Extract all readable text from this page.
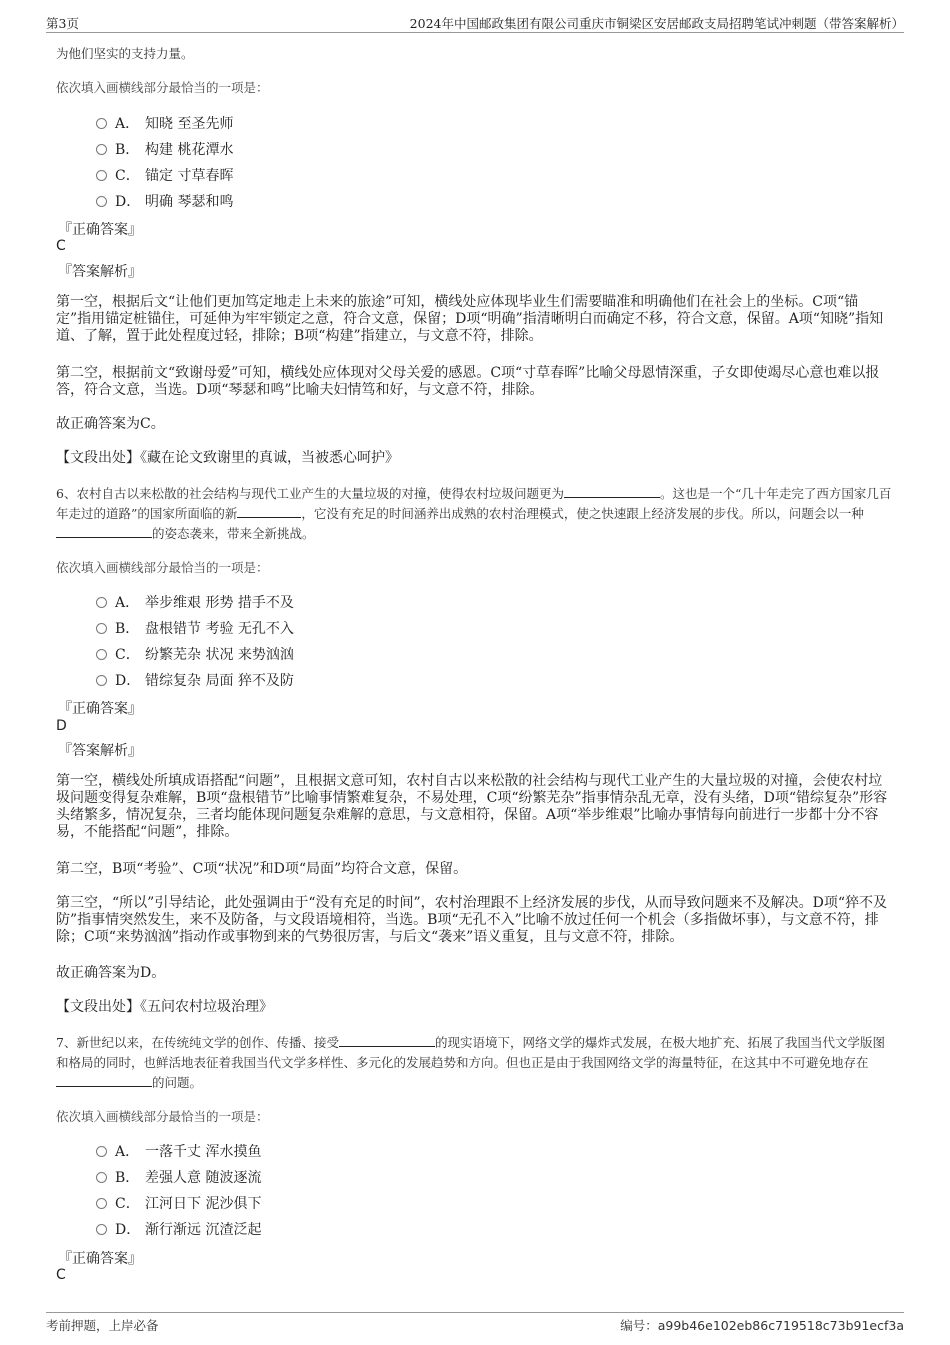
第3页	2024年中国邮政集团有限公司重庆市铜梁区安居邮政支局招聘笔试冲刺题（带答案解析）

为他们坚实的支持力量。

依次填入画横线部分最恰当的一项是：

A． 知晓 至圣先师
B． 构建 桃花潭水
C． 锚定 寸草春晖
D． 明确 琴瑟和鸣

『正确答案』

C

『答案解析』

第一空，根据后文“让他们更加笃定地走上未来的旅途”可知，横线处应体现毕业生们需要瞄准和明确他们在社会上的坐标。C项“锚定”指用锚定桩锚住，可延伸为牢牢锁定之意，符合文意，保留；D项“明确”指清晰明白而确定不移，符合文意，保留。A项“知晓”指知道、了解，置于此处程度过轻，排除；B项“构建”指建立，与文意不符，排除。

第二空，根据前文“致谢母爱”可知，横线处应体现对父母关爱的感恩。C项“寸草春晖”比喻父母恩情深重，子女即使竭尽心意也难以报答，符合文意，当选。D项“琴瑟和鸣”比喻夫妇情笃和好，与文意不符，排除。

故正确答案为C。

【文段出处】《藏在论文致谢里的真诚，当被悉心呵护》

6、农村自古以来松散的社会结构与现代工业产生的大量垃圾的对撞，使得农村垃圾问题更为	。这也是一个“几十年走完了西方国家几百年走过的道路”的国家所面临的新	，它没有充足的时间涵养出成熟的农村治理模式，使之快速跟上经济发展的步伐。所以，问题会以一种的姿态袭来，带来全新挑战。

依次填入画横线部分最恰当的一项是：

A． 举步维艰 形势 措手不及
B． 盘根错节 考验 无孔不入
C． 纷繁芜杂 状况 来势汹汹
D． 错综复杂 局面 猝不及防

『正确答案』

D

『答案解析』

第一空，横线处所填成语搭配“问题”，且根据文意可知，农村自古以来松散的社会结构与现代工业产生的大量垃圾的对撞，会使农村垃圾问题变得复杂难解，B项“盘根错节”比喻事情繁难复杂，不易处理，C项“纷繁芜杂”指事情杂乱无章，没有头绪，D项“错综复杂”形容头绪繁多，情况复杂，三者均能体现问题复杂难解的意思，与文意相符，保留。A项“举步维艰”比喻办事情每向前进行一步都十分不容易，不能搭配“问题”，排除。

第二空，B项“考验”、C项“状况”和D项“局面”均符合文意，保留。

第三空，“所以”引导结论，此处强调由于“没有充足的时间”，农村治理跟不上经济发展的步伐，从而导致问题来不及解决。D项“猝不及防”指事情突然发生，来不及防备，与文段语境相符，当选。B项“无孔不入”比喻不放过任何一个机会（多指做坏事），与文意不符，排除；C项“来势汹汹”指动作或事物到来的气势很厉害，与后文“袭来”语义重复，且与文意不符，排除。

故正确答案为D。

【文段出处】《五问农村垃圾治理》

7、新世纪以来，在传统纯文学的创作、传播、接受	的现实语境下，网络文学的爆炸式发展，在极大地扩充、拓展了我国当代文学版图和格局的同时，也鲜活地表征着我国当代文学多样性、多元化的发展趋势和方向。但也正是由于我国网络文学的海量特征，在这其中不可避免地存在的问题。

依次填入画横线部分最恰当的一项是：

A． 一落千丈 浑水摸鱼
B． 差强人意 随波逐流
C． 江河日下 泥沙俱下
D． 渐行渐远 沉渣泛起

『正确答案』

C

考前押题，上岸必备	编号：a99b46e102eb86c719518c73b91ecf3a
